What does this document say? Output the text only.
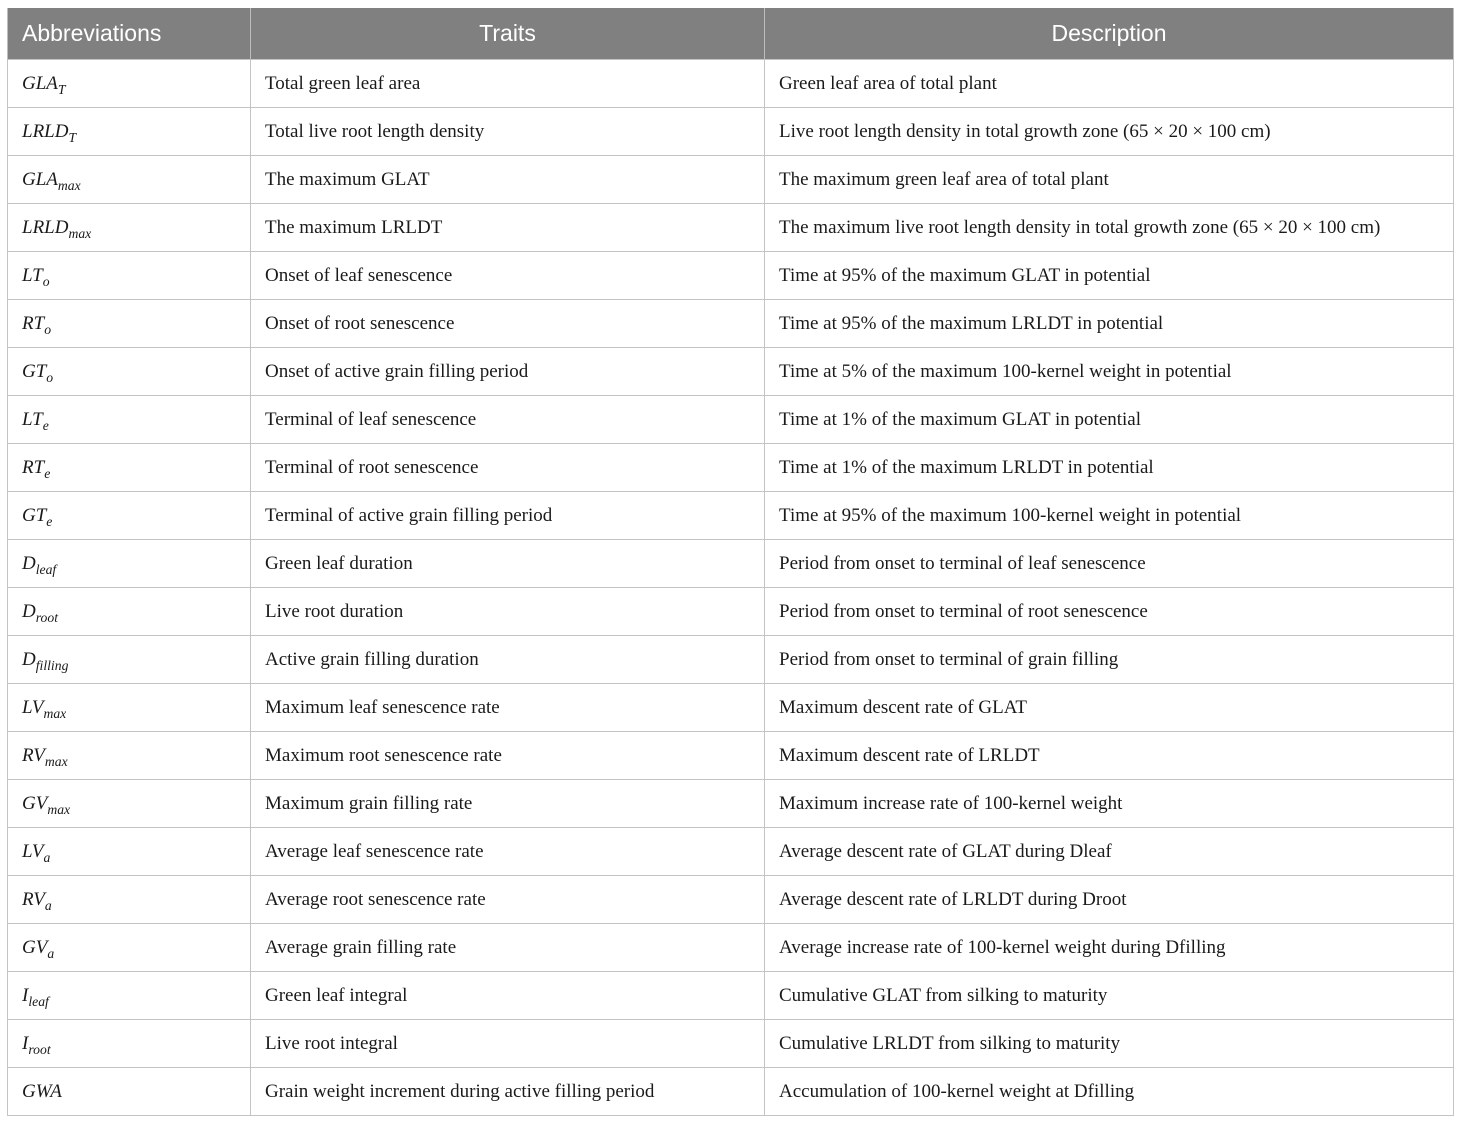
Abbreviations	Traits	Description
$GLA_T$	Total green leaf area	Green leaf area of total plant
$LRLD_T$	Total live root length density	Live root length density in total growth zone (65 × 20 × 100 cm)
$GLA_{max}$	The maximum GLAT	The maximum green leaf area of total plant
$LRLD_{max}$	The maximum LRLDT	The maximum live root length density in total growth zone (65 × 20 × 100 cm)
$LT_o$	Onset of leaf senescence	Time at 95% of the maximum GLAT in potential
$RT_o$	Onset of root senescence	Time at 95% of the maximum LRLDT in potential
$GT_o$	Onset of active grain filling period	Time at 5% of the maximum 100-kernel weight in potential
$LT_e$	Terminal of leaf senescence	Time at 1% of the maximum GLAT in potential
$RT_e$	Terminal of root senescence	Time at 1% of the maximum LRLDT in potential
$GT_e$	Terminal of active grain filling period	Time at 95% of the maximum 100-kernel weight in potential
$D_{leaf}$	Green leaf duration	Period from onset to terminal of leaf senescence
$D_{root}$	Live root duration	Period from onset to terminal of root senescence
$D_{filling}$	Active grain filling duration	Period from onset to terminal of grain filling
$LV_{max}$	Maximum leaf senescence rate	Maximum descent rate of GLAT
$RV_{max}$	Maximum root senescence rate	Maximum descent rate of LRLDT
$GV_{max}$	Maximum grain filling rate	Maximum increase rate of 100-kernel weight
$LV_a$	Average leaf senescence rate	Average descent rate of GLAT during Dleaf
$RV_a$	Average root senescence rate	Average descent rate of LRLDT during Droot
$GV_a$	Average grain filling rate	Average increase rate of 100-kernel weight during Dfilling
$I_{leaf}$	Green leaf integral	Cumulative GLAT from silking to maturity
$I_{root}$	Live root integral	Cumulative LRLDT from silking to maturity
GWA	Grain weight increment during active filling period	Accumulation of 100-kernel weight at Dfilling
